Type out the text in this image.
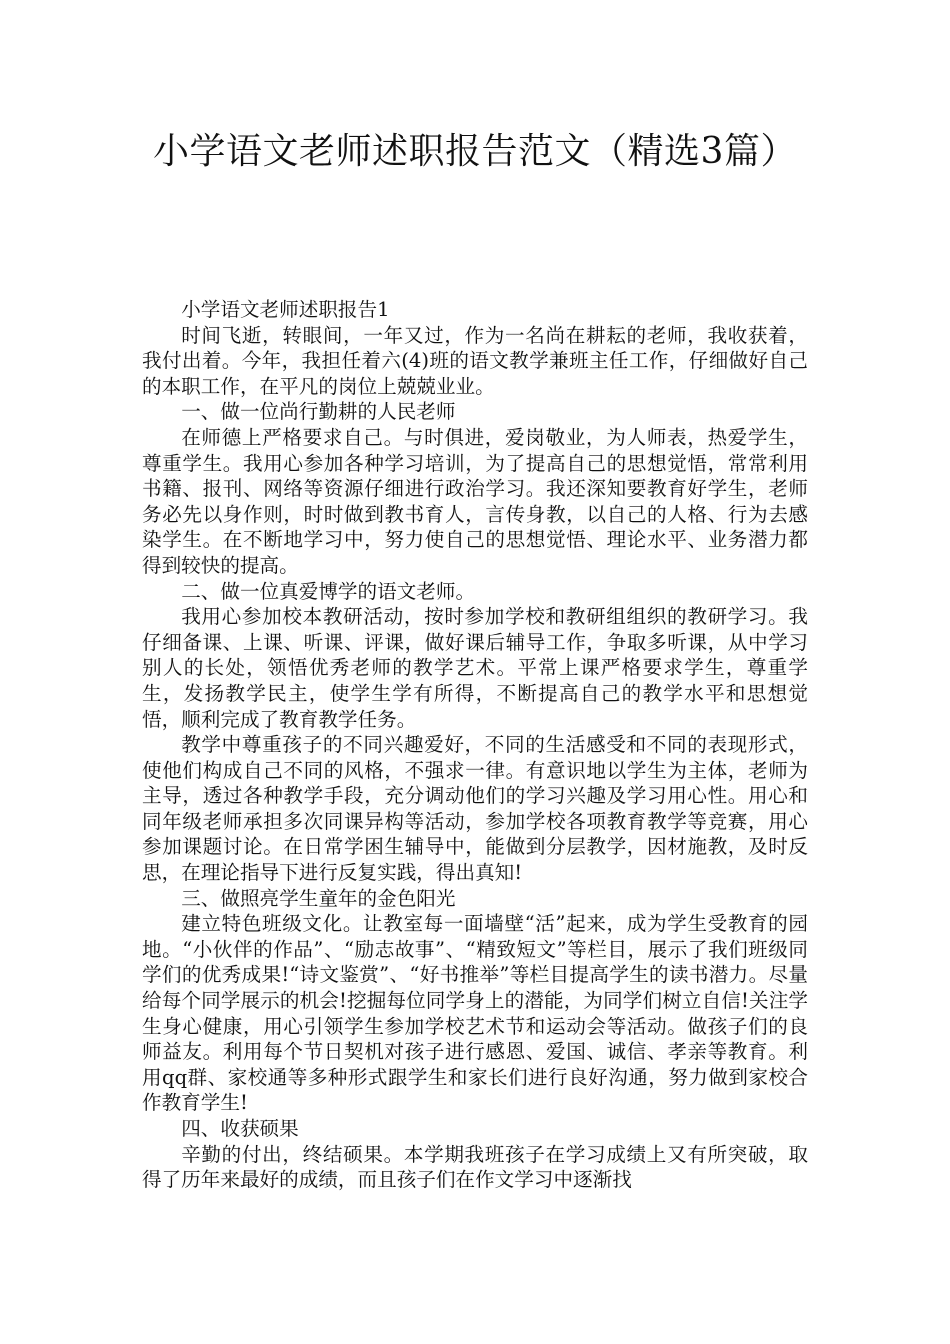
小学语文老师述职报告范文（精选3篇）

小学语文老师述职报告1

时间飞逝，转眼间，一年又过，作为一名尚在耕耘的老师，我收获着，我付出着。今年，我担任着六(4)班的语文教学兼班主任工作，仔细做好自己的本职工作，在平凡的岗位上兢兢业业。

一、做一位尚行勤耕的人民老师

在师德上严格要求自己。与时俱进，爱岗敬业，为人师表，热爱学生，尊重学生。我用心参加各种学习培训，为了提高自己的思想觉悟，常常利用书籍、报刊、网络等资源仔细进行政治学习。我还深知要教育好学生，老师务必先以身作则，时时做到教书育人，言传身教，以自己的人格、行为去感染学生。在不断地学习中，努力使自己的思想觉悟、理论水平、业务潜力都得到较快的提高。

二、做一位真爱博学的语文老师。

我用心参加校本教研活动，按时参加学校和教研组组织的教研学习。我仔细备课、上课、听课、评课，做好课后辅导工作，争取多听课，从中学习别人的长处，领悟优秀老师的教学艺术。平常上课严格要求学生，尊重学生，发扬教学民主，使学生学有所得，不断提高自己的教学水平和思想觉悟，顺利完成了教育教学任务。

教学中尊重孩子的不同兴趣爱好，不同的生活感受和不同的表现形式，使他们构成自己不同的风格，不强求一律。有意识地以学生为主体，老师为主导，透过各种教学手段，充分调动他们的学习兴趣及学习用心性。用心和同年级老师承担多次同课异构等活动，参加学校各项教育教学等竞赛，用心参加课题讨论。在日常学困生辅导中，能做到分层教学，因材施教，及时反思，在理论指导下进行反复实践，得出真知!

三、做照亮学生童年的金色阳光

建立特色班级文化。让教室每一面墙壁“活”起来，成为学生受教育的园地。“小伙伴的作品”、“励志故事”、“精致短文”等栏目，展示了我们班级同学们的优秀成果!“诗文鉴赏”、“好书推举”等栏目提高学生的读书潜力。尽量给每个同学展示的机会!挖掘每位同学身上的潜能，为同学们树立自信!关注学生身心健康，用心引领学生参加学校艺术节和运动会等活动。做孩子们的良师益友。利用每个节日契机对孩子进行感恩、爱国、诚信、孝亲等教育。利用qq群、家校通等多种形式跟学生和家长们进行良好沟通，努力做到家校合作教育学生!

四、收获硕果

辛勤的付出，终结硕果。本学期我班孩子在学习成绩上又有所突破，取得了历年来最好的成绩，而且孩子们在作文学习中逐渐找
